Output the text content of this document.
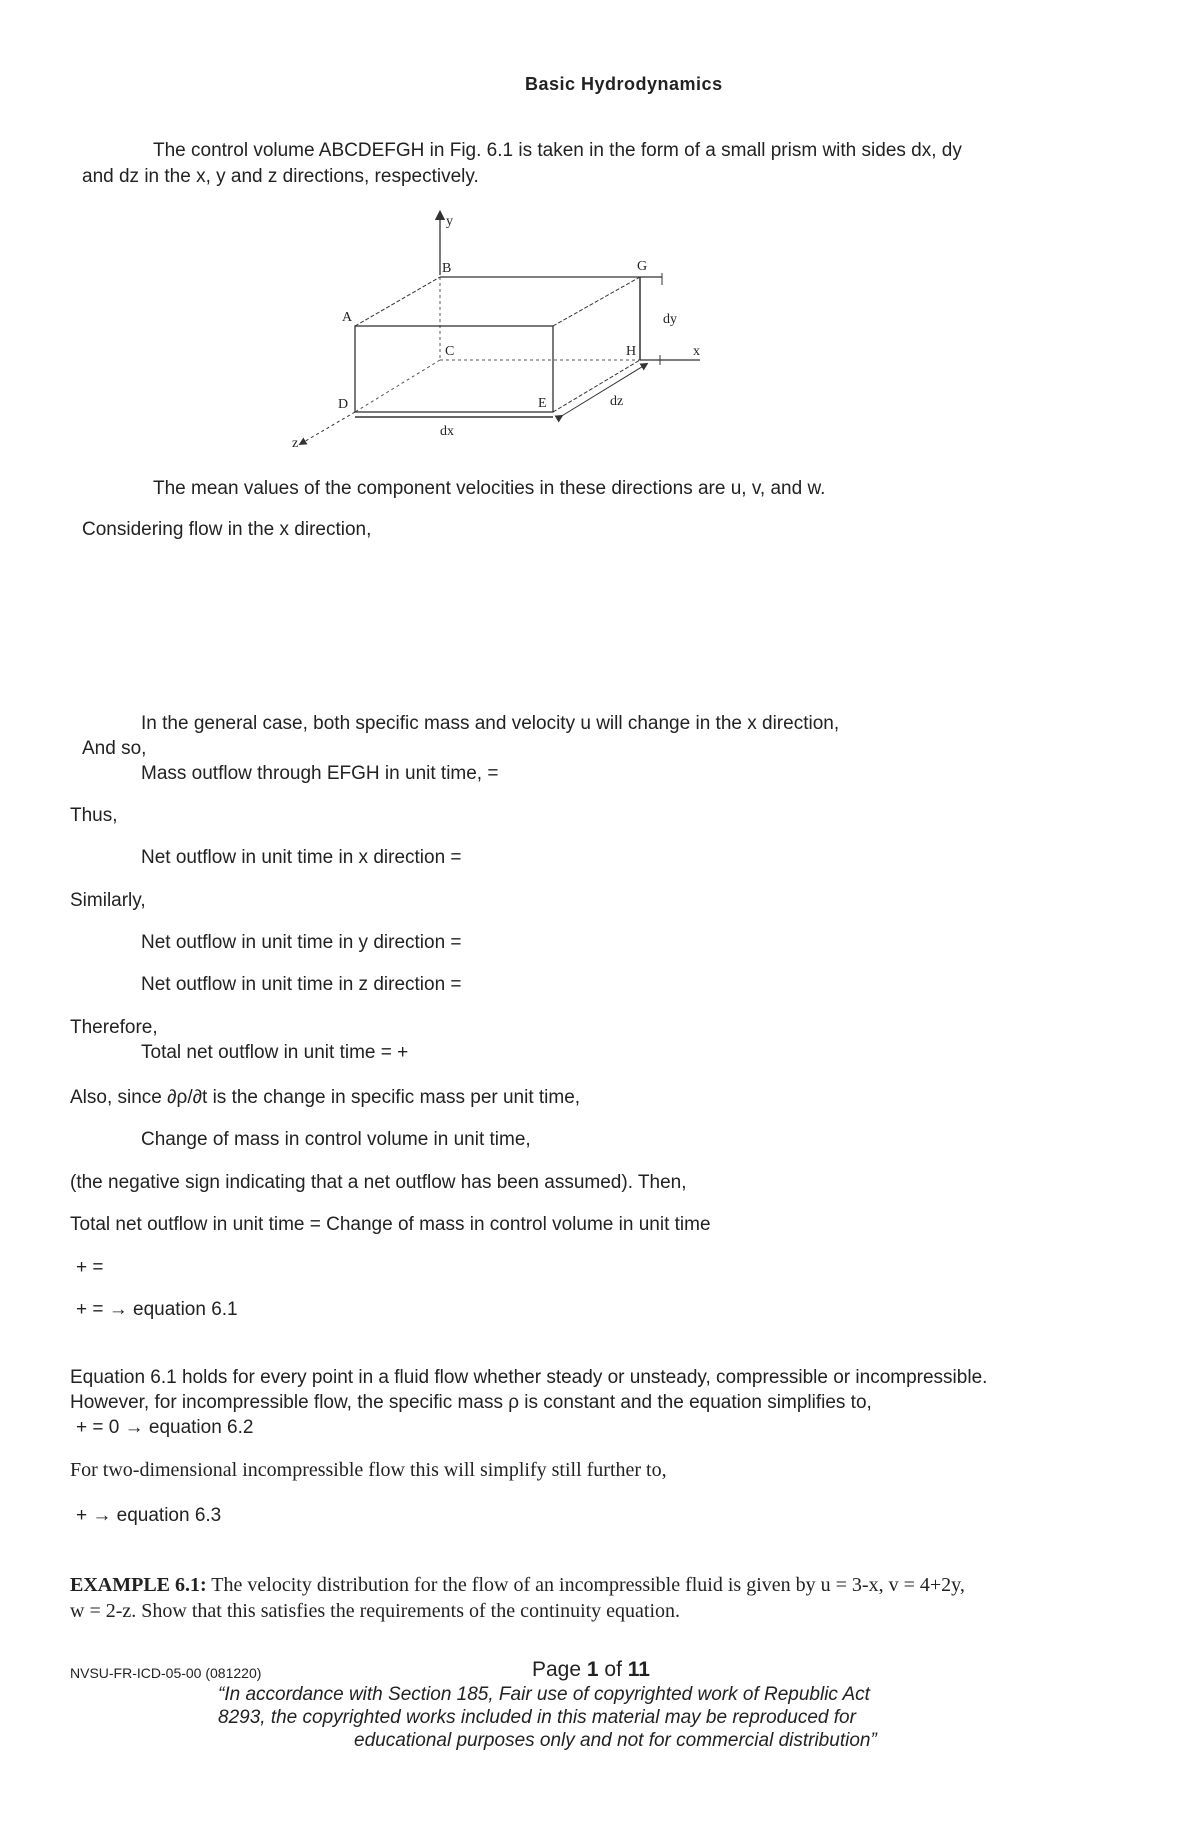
Basic Hydrodynamics
The control volume ABCDEFGH in Fig. 6.1 is taken in the form of a small prism with sides dx, dy
and dz in the x, y and z directions, respectively.
y
x
dx
dz
z
A
B
C
D	E
G
H
dy
The mean values of the component velocities in these directions are u, v, and w.
Considering flow in the x direction,
In the general case, both specific mass and velocity u will change in the x direction,
And so,
Mass outflow through EFGH in unit time, =
Thus,
Net outflow in unit time in x direction =
Similarly,
Net outflow in unit time in y direction =
Net outflow in unit time in z direction =
Therefore,
Total net outflow in unit time = +
Also, since ∂ρ/∂t is the change in specific mass per unit time,
Change of mass in control volume in unit time,
(the negative sign indicating that a net outflow has been assumed). Then,
Total net outflow in unit time = Change of mass in control volume in unit time
+ =
+ = → equation 6.1
Equation 6.1 holds for every point in a fluid flow whether steady or unsteady, compressible or incompressible.
However, for incompressible flow, the specific mass ρ is constant and the equation simplifies to,
+ = 0 → equation 6.2
For two-dimensional incompressible flow this will simplify still further to,
+ → equation 6.3
EXAMPLE 6.1: The velocity distribution for the flow of an incompressible fluid is given by u = 3-x, v = 4+2y,
w = 2-z. Show that this satisfies the requirements of the continuity equation.
NVSU-FR-ICD-05-00 (081220)	Page 1 of 11
“In accordance with Section 185, Fair use of copyrighted work of Republic Act
8293, the copyrighted works included in this material may be reproduced for
educational purposes only and not for commercial distribution”
